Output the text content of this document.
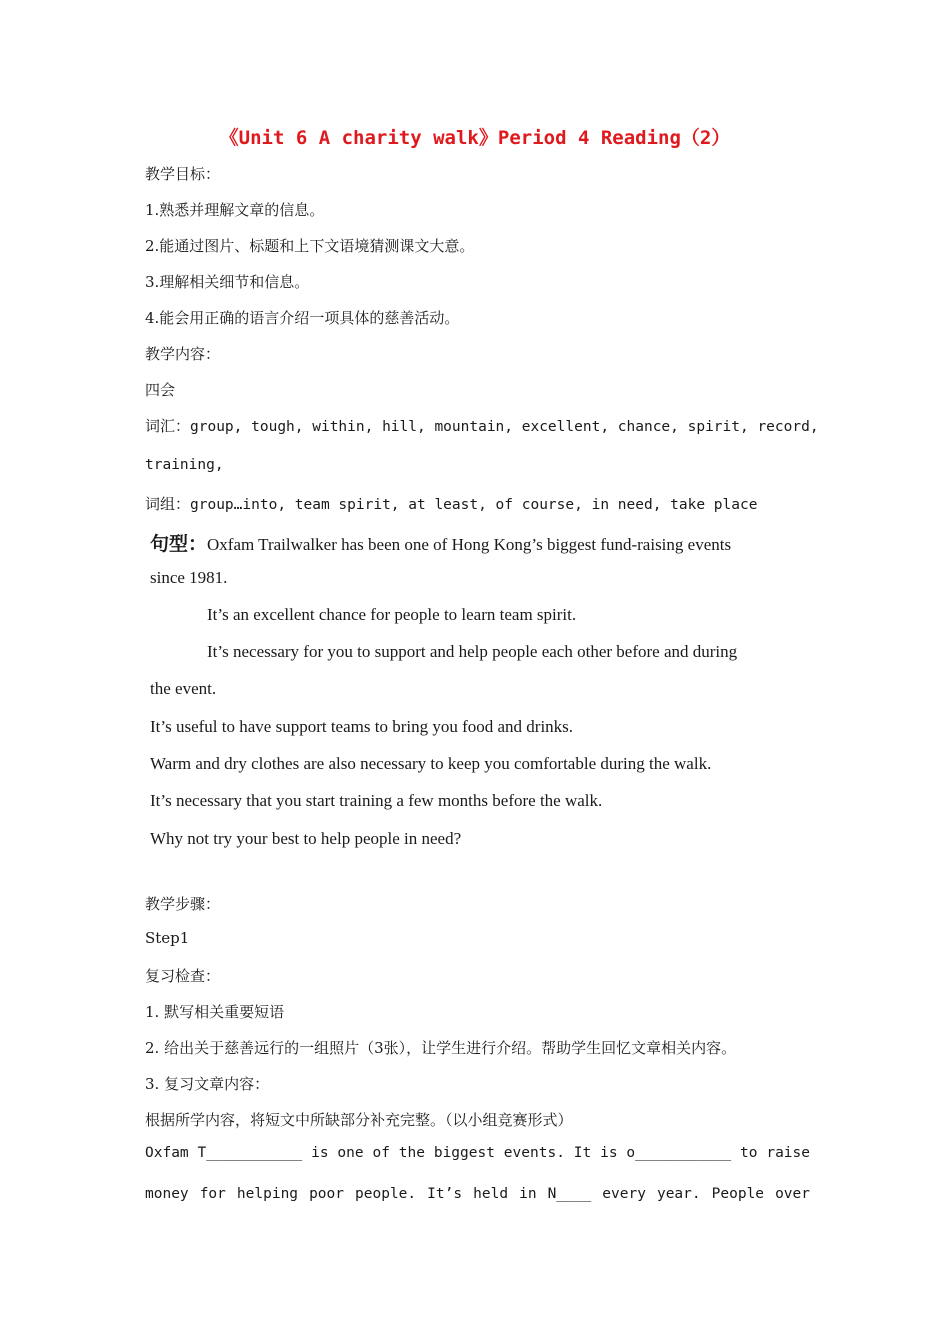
《Unit 6 A charity walk》Period 4 Reading（2）
教学目标：
1.熟悉并理解文章的信息。
2.能通过图片、标题和上下文语境猜测课文大意。
3.理解相关细节和信息。
4.能会用正确的语言介绍一项具体的慈善活动。
教学内容：
四会
词汇：group, tough, within, hill, mountain, excellent, chance, spirit, record,
training,
词组：group…into, team spirit, at least, of course, in need, take place
句型：Oxfam Trailwalker has been one of Hong Kong’s biggest fund-raising events
since 1981.
It’s an excellent chance for people to learn team spirit.
It’s necessary for you to support and help people each other before and during
the event.
It’s useful to have support teams to bring you food and drinks.
Warm and dry clothes are also necessary to keep you comfortable during the walk.
It’s necessary that you start training a few months before the walk.
Why not try your best to help people in need?
教学步骤：
Step1
复习检查：
1. 默写相关重要短语
2. 给出关于慈善远行的一组照片（3张），让学生进行介绍。帮助学生回忆文章相关内容。
3. 复习文章内容：
根据所学内容，将短文中所缺部分补充完整。（以小组竞赛形式）
Oxfam T___________ is one of the biggest events. It is o___________ to raise
money for helping poor people. It’s held in N____ every year. People over
